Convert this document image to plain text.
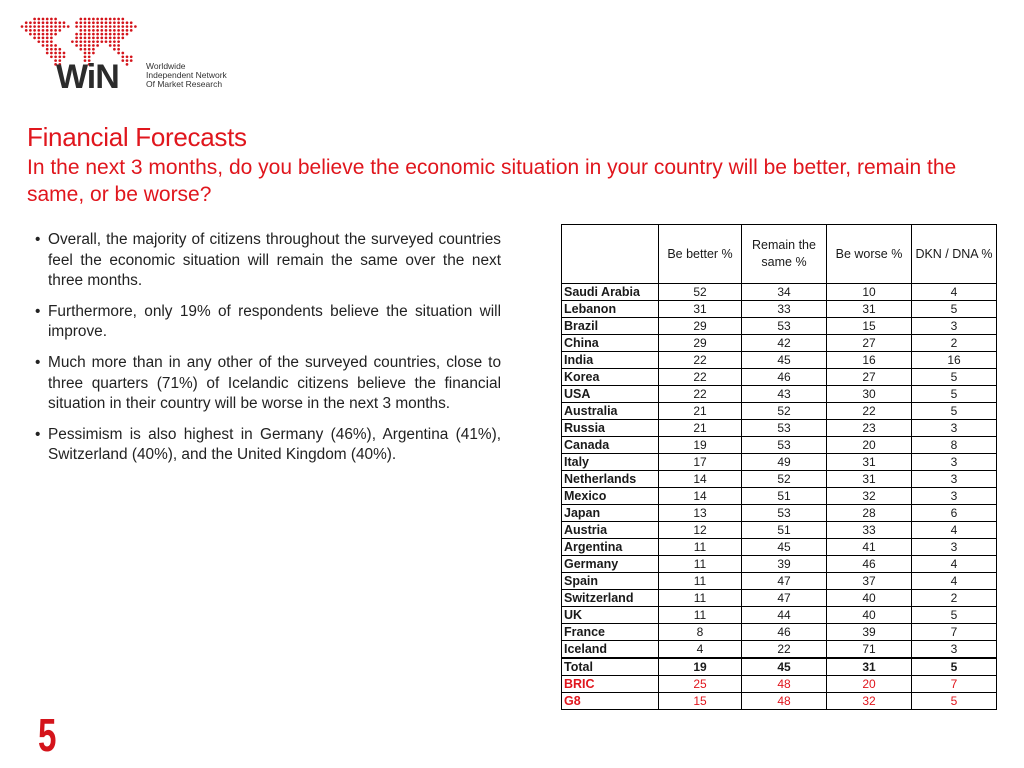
WiN	Worldwide
Independent Network
Of Market Research
Financial Forecasts
In the next 3 months, do you believe the economic situation in your country will be better, remain the same, or be worse?
• Overall, the majority of citizens throughout the surveyed countries feel the economic situation will remain the same over the next three months.
• Furthermore, only 19% of respondents believe the situation will improve.
• Much more than in any other of the surveyed countries, close to three quarters (71%) of Icelandic citizens believe the financial situation in their country will be worse in the next 3 months.
• Pessimism is also highest in Germany (46%), Argentina (41%), Switzerland (40%), and the United Kingdom (40%).
	Be better %	Remain the same %	Be worse %	DKN / DNA %
Saudi Arabia	52	34	10	4
Lebanon	31	33	31	5
Brazil	29	53	15	3
China	29	42	27	2
India	22	45	16	16
Korea	22	46	27	5
USA	22	43	30	5
Australia	21	52	22	5
Russia	21	53	23	3
Canada	19	53	20	8
Italy	17	49	31	3
Netherlands	14	52	31	3
Mexico	14	51	32	3
Japan	13	53	28	6
Austria	12	51	33	4
Argentina	11	45	41	3
Germany	11	39	46	4
Spain	11	47	37	4
Switzerland	11	47	40	2
UK	11	44	40	5
France	8	46	39	7
Iceland	4	22	71	3
Total	19	45	31	5
BRIC	25	48	20	7
G8	15	48	32	5
5
